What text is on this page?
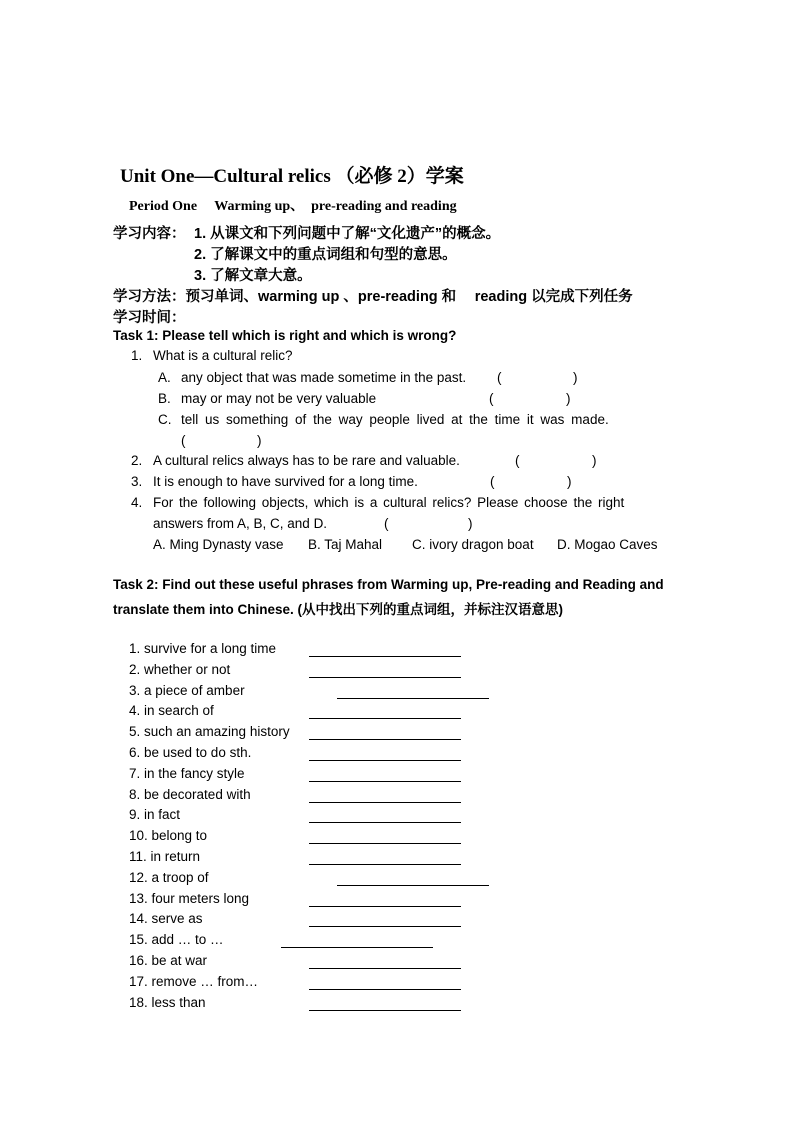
Unit One—Cultural relics （必修 2）学案
Period One　 Warming up、　pre-reading and reading
学习内容： 1. 从课文和下列问题中了解“文化遗产”的概念。
2. 了解课文中的重点词组和句型的意思。
3. 了解文章大意。
学习方法：预习单词、warming up 、pre-reading 和 　reading 以完成下列任务
学习时间：
Task 1: Please tell which is right and which is wrong?
1. What is a cultural relic?
A. any object that was made sometime in the past. (	)
B. may or may not be very valuable	(	)
C. tell us something of the way people lived at the time it was made.
(	)
2. A cultural relics always has to be rare and valuable.	(	)
3. It is enough to have survived for a long time.	(	)
4. For the following objects, which is a cultural relics? Please choose the right
answers from A, B, C, and D.	(	)
A. Ming Dynasty vase B. Taj Mahal C. ivory dragon boat D. Mogao Caves
Task 2: Find out these useful phrases from Warming up, Pre-reading and Reading and
translate them into Chinese. (从中找出下列的重点词组，并标注汉语意思)
1. survive for a long time
2. whether or not
3. a piece of amber
4. in search of
5. such an amazing history
6. be used to do sth.
7. in the fancy style
8. be decorated with
9. in fact
10. belong to
11. in return
12. a troop of
13. four meters long
14. serve as
15. add … to …
16. be at war
17. remove … from…
18. less than
